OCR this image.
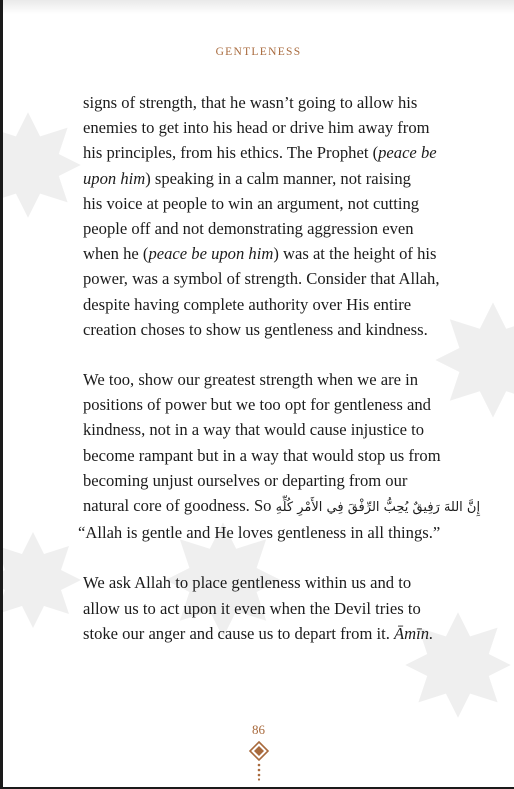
GENTLENESS
signs of strength, that he wasn’t going to allow his
enemies to get into his head or drive him away from
his principles, from his ethics. The Prophet (peace be
upon him) speaking in a calm manner, not raising
his voice at people to win an argument, not cutting
people off and not demonstrating aggression even
when he (peace be upon him) was at the height of his
power, was a symbol of strength. Consider that Allah,
despite having complete authority over His entire
creation choses to show us gentleness and kindness.
We too, show our greatest strength when we are in
positions of power but we too opt for gentleness and
kindness, not in a way that would cause injustice to
become rampant but in a way that would stop us from
becoming unjust ourselves or departing from our
natural core of goodness. So إِنَّ اللهَ رَفِيقٌ يُحِبُّ الرِّفْقَ فِي الأَمْرِ كُلِّهِ
“Allah is gentle and He loves gentleness in all things.”
We ask Allah to place gentleness within us and to
allow us to act upon it even when the Devil tries to
stoke our anger and cause us to depart from it. Āmīn.
86
